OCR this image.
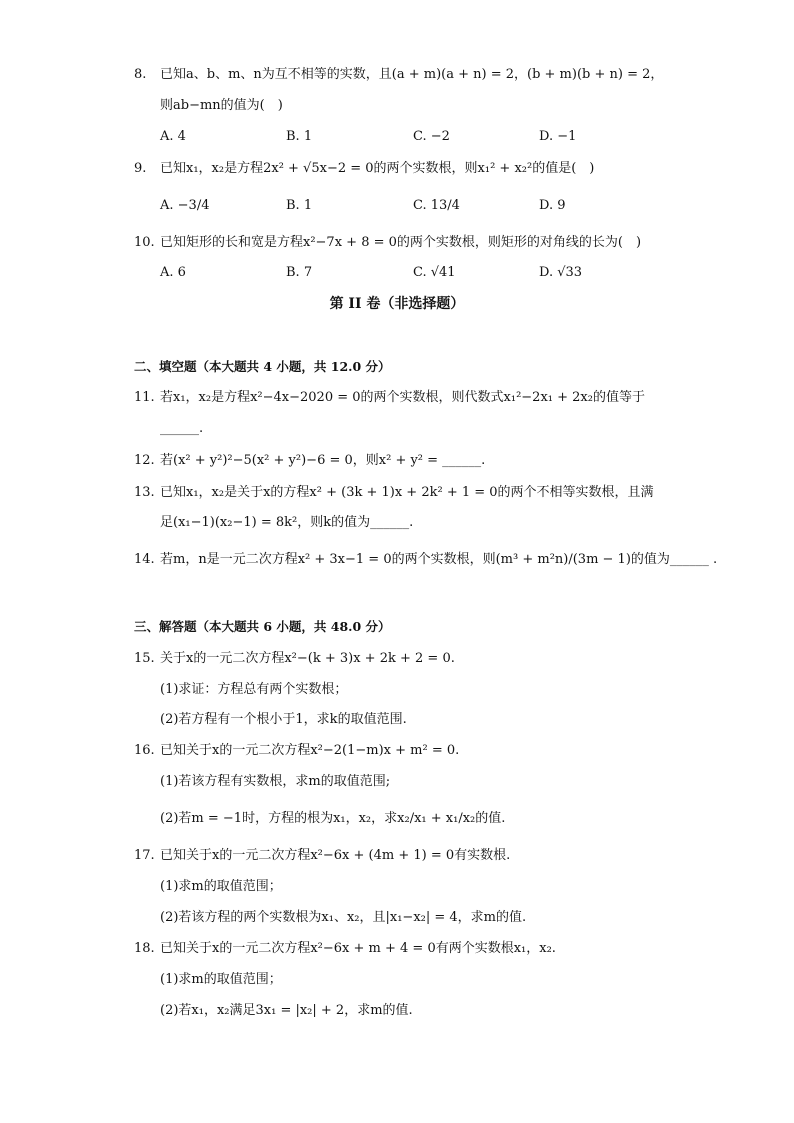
8. 已知a、b、m、n为互不相等的实数，且(a + m)(a + n) = 2，(b + m)(b + n) = 2，
则ab−mn的值为(　)
A. 4	B. 1	C. −2	D. −1
9. 已知x₁，x₂是方程2x² + √5x−2 = 0的两个实数根，则x₁² + x₂²的值是(　)
A. −3/4	B. 1	C. 13/4	D. 9
10. 已知矩形的长和宽是方程x²−7x + 8 = 0的两个实数根，则矩形的对角线的长为(　)
A. 6	B. 7	C. √41	D. √33
第 II 卷（非选择题）
二、填空题（本大题共 4 小题，共 12.0 分）
11. 若x₁，x₂是方程x²−4x−2020 = 0的两个实数根，则代数式x₁²−2x₁ + 2x₂的值等于
______.
12. 若(x² + y²)²−5(x² + y²)−6 = 0，则x² + y² = ______.
13. 已知x₁，x₂是关于x的方程x² + (3k + 1)x + 2k² + 1 = 0的两个不相等实数根，且满
足(x₁−1)(x₂−1) = 8k²，则k的值为______.
14. 若m，n是一元二次方程x² + 3x−1 = 0的两个实数根，则(m³ + m²n)/(3m − 1)的值为______ .
三、解答题（本大题共 6 小题，共 48.0 分）
15. 关于x的一元二次方程x²−(k + 3)x + 2k + 2 = 0.
(1)求证：方程总有两个实数根；
(2)若方程有一个根小于1，求k的取值范围.
16. 已知关于x的一元二次方程x²−2(1−m)x + m² = 0.
(1)若该方程有实数根，求m的取值范围;
(2)若m = −1时，方程的根为x₁，x₂，求x₂/x₁ + x₁/x₂的值.
17. 已知关于x的一元二次方程x²−6x + (4m + 1) = 0有实数根.
(1)求m的取值范围；
(2)若该方程的两个实数根为x₁、x₂，且|x₁−x₂| = 4，求m的值.
18. 已知关于x的一元二次方程x²−6x + m + 4 = 0有两个实数根x₁，x₂.
(1)求m的取值范围；
(2)若x₁，x₂满足3x₁ = |x₂| + 2，求m的值.
